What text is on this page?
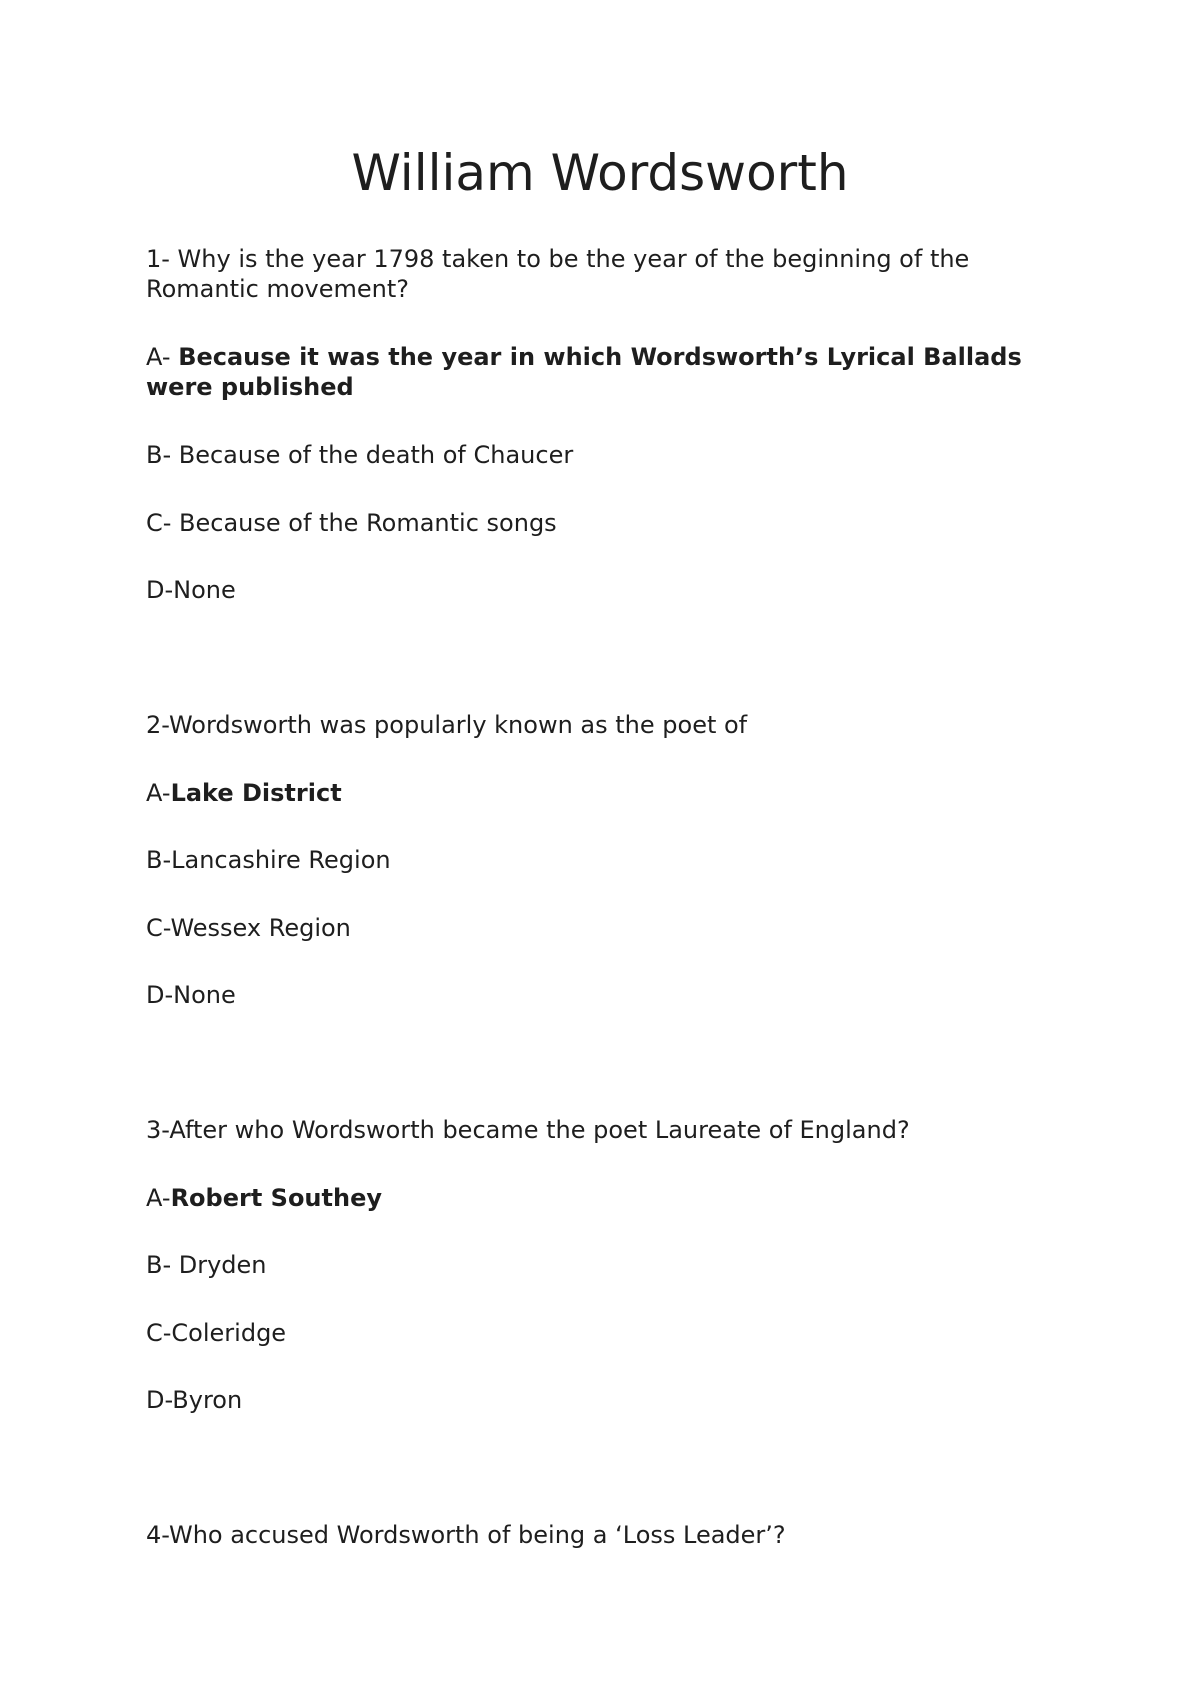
William Wordsworth
1- Why is the year 1798 taken to be the year of the beginning of the Romantic movement?
A- Because it was the year in which Wordsworth’s Lyrical Ballads were published
B- Because of the death of Chaucer
C- Because of the Romantic songs
D-None
2-Wordsworth was popularly known as the poet of
A-Lake District
B-Lancashire Region
C-Wessex Region
D-None
3-After who Wordsworth became the poet Laureate of England?
A-Robert Southey
B- Dryden
C-Coleridge
D-Byron
4-Who accused Wordsworth of being a ‘Loss Leader’?
